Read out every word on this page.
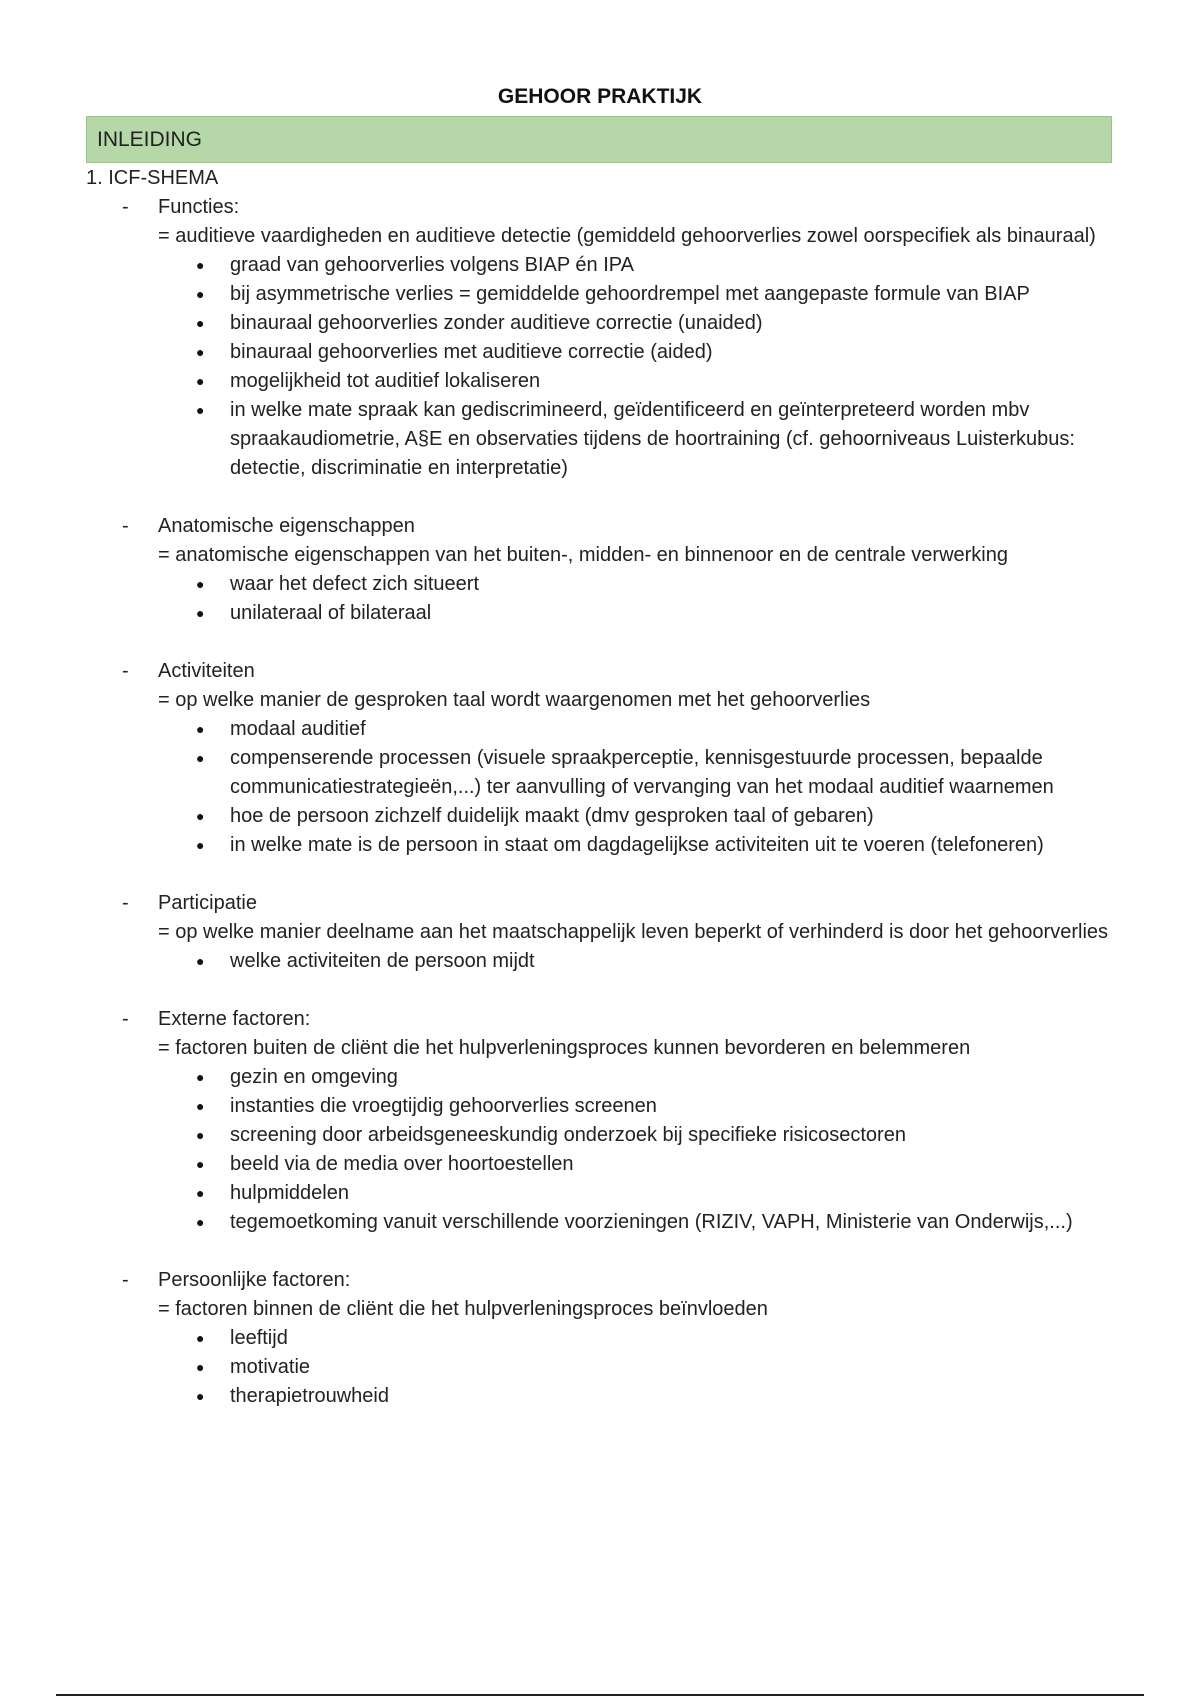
GEHOOR PRAKTIJK
INLEIDING

1. ICF-SHEMA

-	Functies:

= auditieve vaardigheden en auditieve detectie (gemiddeld gehoorverlies zowel oorspecifiek als binauraal)

● graad van gehoorverlies volgens BIAP én IPA
● bij asymmetrische verlies = gemiddelde gehoordrempel met aangepaste formule van BIAP
● binauraal gehoorverlies zonder auditieve correctie (unaided)
● binauraal gehoorverlies met auditieve correctie (aided)
● mogelijkheid tot auditief lokaliseren
● in welke mate spraak kan gediscrimineerd, geïdentificeerd en geïnterpreteerd worden mbv spraakaudiometrie, A§E en observaties tijdens de hoortraining (cf. gehoorniveaus Luisterkubus: detectie, discriminatie en interpretatie)
-	Anatomische eigenschappen

= anatomische eigenschappen van het buiten-, midden- en binnenoor en de centrale verwerking

● waar het defect zich situeert
● unilateraal of bilateraal
-	Activiteiten

= op welke manier de gesproken taal wordt waargenomen met het gehoorverlies

● modaal auditief
● compenserende processen (visuele spraakperceptie, kennisgestuurde processen, bepaalde communicatiestrategieën,...) ter aanvulling of vervanging van het modaal auditief waarnemen
● hoe de persoon zichzelf duidelijk maakt (dmv gesproken taal of gebaren)
● in welke mate is de persoon in staat om dagdagelijkse activiteiten uit te voeren (telefoneren)
-	Participatie

= op welke manier deelname aan het maatschappelijk leven beperkt of verhinderd is door het gehoorverlies

● welke activiteiten de persoon mijdt
-	Externe factoren:

= factoren buiten de cliënt die het hulpverleningsproces kunnen bevorderen en belemmeren

● gezin en omgeving
● instanties die vroegtijdig gehoorverlies screenen
● screening door arbeidsgeneeskundig onderzoek bij specifieke risicosectoren
● beeld via de media over hoortoestellen
● hulpmiddelen
● tegemoetkoming vanuit verschillende voorzieningen (RIZIV, VAPH, Ministerie van Onderwijs,...)
-	Persoonlijke factoren:

= factoren binnen de cliënt die het hulpverleningsproces beïnvloeden

● leeftijd
● motivatie
● therapietrouwheid
